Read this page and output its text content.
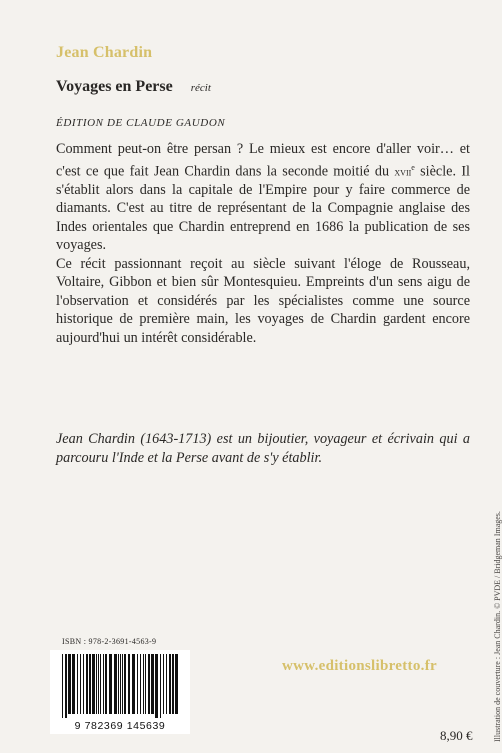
Jean Chardin
Voyages en Perse récit
ÉDITION DE CLAUDE GAUDON

Comment peut-on être persan ? Le mieux est encore d'aller voir… et c'est ce que fait Jean Chardin dans la seconde moitié du xvii$^e$ siècle. Il s'établit alors dans la capitale de l'Empire pour y faire commerce de diamants. C'est au titre de représentant de la Compagnie anglaise des Indes orientales que Chardin entreprend en 1686 la publication de ses voyages.

Ce récit passionnant reçoit au siècle suivant l'éloge de Rousseau, Voltaire, Gibbon et bien sûr Montesquieu. Empreints d'un sens aigu de l'observation et considérés par les spécialistes comme une source historique de première main, les voyages de Chardin gardent encore aujourd'hui un intérêt considérable.

Jean Chardin (1643-1713) est un bijoutier, voyageur et écrivain qui a parcouru l'Inde et la Perse avant de s'y établir.

Illustration de couverture : Jean Chardin. © PVDE / Bridgeman Images.
ISBN : 978-2-3691-4563-9
9 782369 145639
www.editionslibretto.fr
8,90 €
